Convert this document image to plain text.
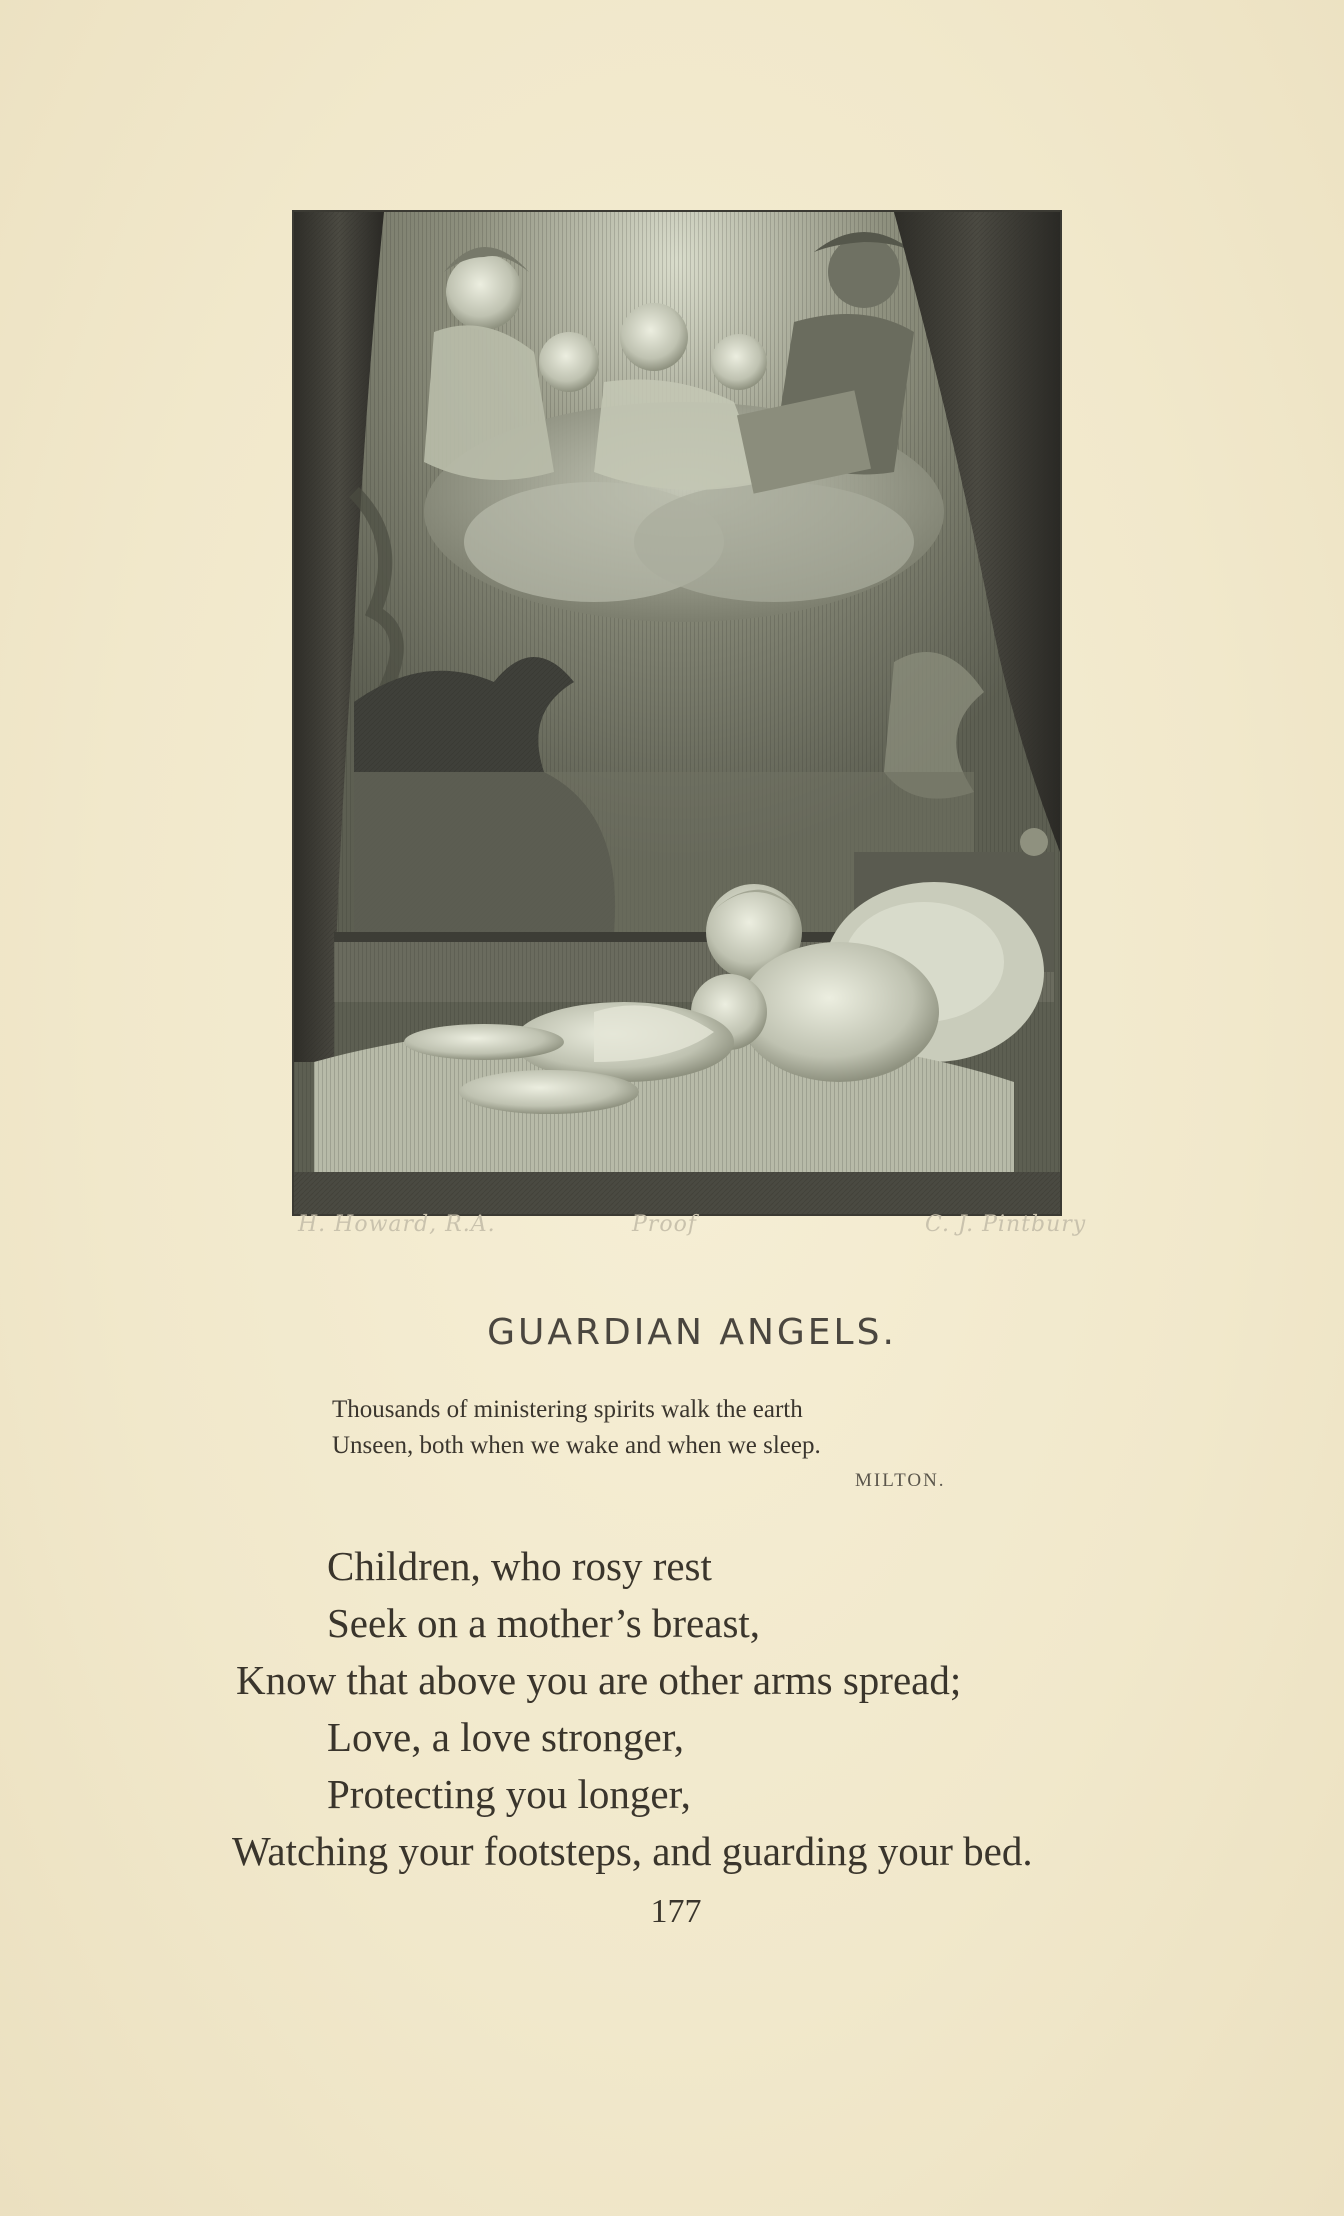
H. Howard, R.A.	Proof	C. J. Pintbury
GUARDIAN ANGELS.
Thousands of ministering spirits walk the earth
Unseen, both when we wake and when we sleep.
MILTON.
Children, who rosy rest
Seek on a mother’s breast,
Know that above you are other arms spread;
Love, a love stronger,
Protecting you longer,
Watching your footsteps, and guarding your bed.
177
